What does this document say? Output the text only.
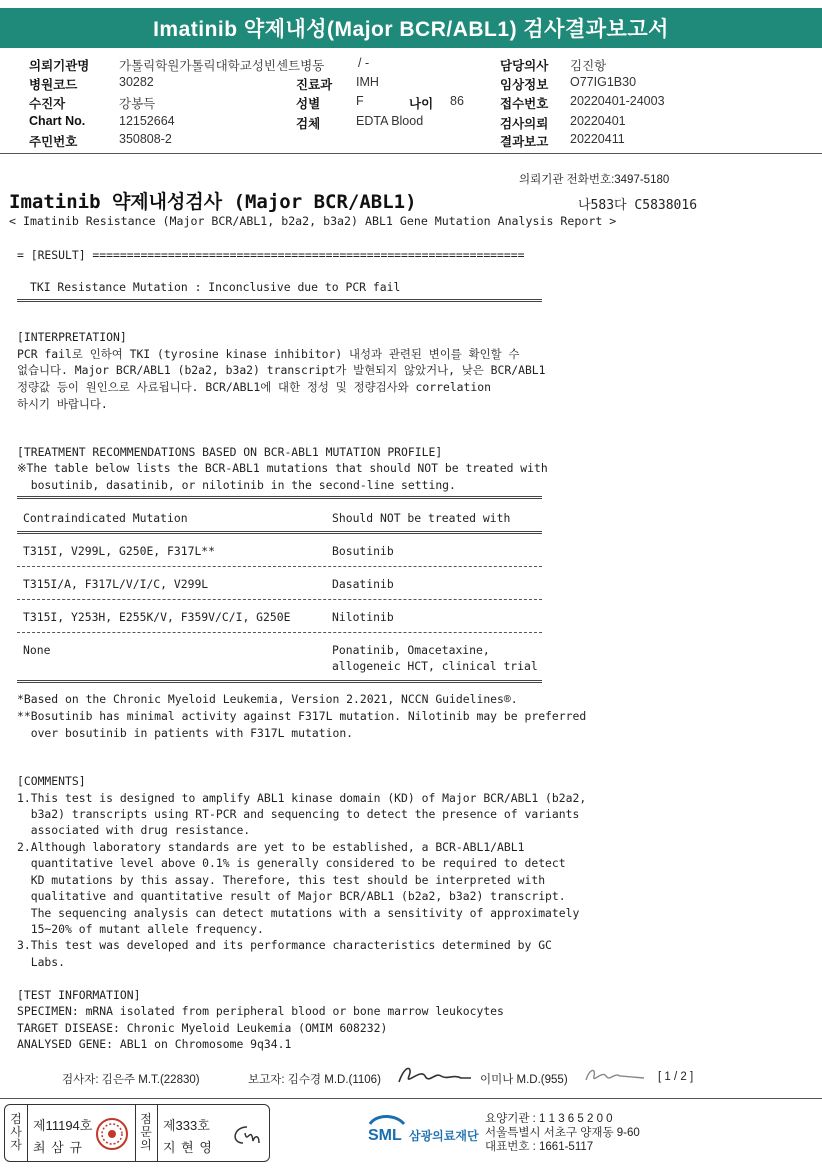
Imatinib 약제내성(Major BCR/ABL1) 검사결과보고서
의뢰기관명 가톨릭학원가톨릭대학교성빈센트병동	/ -
병원코드	30282
수진자	강봉득
Chart No.	12152664
주민번호	350808-2
진료과 IMH
성별	F	나이 86
검체	EDTA Blood
담당의사 김진항
임상정보 O77IG1B30
접수번호 20220401-24003
검사의뢰 20220401
결과보고 20220411
의뢰기관 전화번호:3497-5180
Imatinib 약제내성검사 (Major BCR/ABL1)	나583다 C5838016
< Imatinib Resistance (Major BCR/ABL1, b2a2, b3a2) ABL1 Gene Mutation Analysis Report >
= [RESULT] ===============================================================
TKI Resistance Mutation : Inconclusive due to PCR fail
[INTERPRETATION]
PCR fail로 인하여 TKI (tyrosine kinase inhibitor) 내성과 관련된 변이를 확인할 수
없습니다. Major BCR/ABL1 (b2a2, b3a2) transcript가 발현되지 않았거나, 낮은 BCR/ABL1
정량값 등이 원인으로 사료됩니다. BCR/ABL1에 대한 정성 및 정량검사와 correlation
하시기 바랍니다.
[TREATMENT RECOMMENDATIONS BASED ON BCR-ABL1 MUTATION PROFILE]
※The table below lists the BCR-ABL1 mutations that should NOT be treated with
bosutinib, dasatinib, or nilotinib in the second-line setting.
Contraindicated Mutation	Should NOT be treated with
T315I, V299L, G250E, F317L**	Bosutinib
T315I/A, F317L/V/I/C, V299L	Dasatinib
T315I, Y253H, E255K/V, F359V/C/I, G250E	Nilotinib
None	Ponatinib, Omacetaxine,
allogeneic HCT, clinical trial
*Based on the Chronic Myeloid Leukemia, Version 2.2021, NCCN Guidelines®.
**Bosutinib has minimal activity against F317L mutation. Nilotinib may be preferred
over bosutinib in patients with F317L mutation.
[COMMENTS]
1.This test is designed to amplify ABL1 kinase domain (KD) of Major BCR/ABL1 (b2a2,
b3a2) transcripts using RT-PCR and sequencing to detect the presence of variants
associated with drug resistance.
2.Although laboratory standards are yet to be established, a BCR-ABL1/ABL1
quantitative level above 0.1% is generally considered to be required to detect
KD mutations by this assay. Therefore, this test should be interpreted with
qualitative and quantitative result of Major BCR/ABL1 (b2a2, b3a2) transcript.
The sequencing analysis can detect mutations with a sensitivity of approximately
15~20% of mutant allele frequency.
3.This test was developed and its performance characteristics determined by GC
Labs.
[TEST INFORMATION]
SPECIMEN: mRNA isolated from peripheral blood or bone marrow leukocytes
TARGET DISEASE: Chronic Myeloid Leukemia (OMIM 608232)
ANALYSED GENE: ABL1 on Chromosome 9q34.1
검사자: 김은주 M.T.(22830)	보고자: 김수경 M.D.(1106)	이미나 M.D.(955)	[ 1 / 2 ]
검사자
제11194호
최 삼 규
점문의
제333호
지 현 영
SML 삼광의료재단
요양기관 : 1 1 3 6 5 2 0 0
서울특별시 서초구 양재동 9-60
대표번호 : 1661-5117
